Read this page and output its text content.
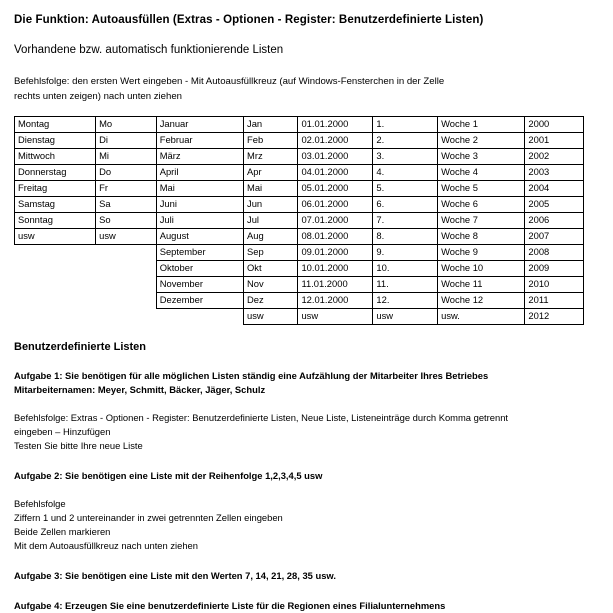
Die Funktion: Autoausfüllen (Extras - Optionen - Register: Benutzerdefinierte Listen)
Vorhandene bzw. automatisch funktionierende Listen
Befehlsfolge: den ersten Wert eingeben - Mit Autoausfüllkreuz (auf Windows-Fensterchen in der Zelle
rechts unten zeigen) nach unten ziehen
Montag	Mo	Januar	Jan	01.01.2000	1.	Woche 1	2000
Dienstag	Di	Februar	Feb	02.01.2000	2.	Woche 2	2001
Mittwoch	Mi	März	Mrz	03.01.2000	3.	Woche 3	2002
Donnerstag	Do	April	Apr	04.01.2000	4.	Woche 4	2003
Freitag	Fr	Mai	Mai	05.01.2000	5.	Woche 5	2004
Samstag	Sa	Juni	Jun	06.01.2000	6.	Woche 6	2005
Sonntag	So	Juli	Jul	07.01.2000	7.	Woche 7	2006
usw	usw	August	Aug	08.01.2000	8.	Woche 8	2007
		September	Sep	09.01.2000	9.	Woche 9	2008
		Oktober	Okt	10.01.2000	10.	Woche 10	2009
		November	Nov	11.01.2000	11.	Woche 11	2010
		Dezember	Dez	12.01.2000	12.	Woche 12	2011
			usw	usw	usw	usw.	2012
Benutzerdefinierte Listen
Aufgabe 1: Sie benötigen für alle möglichen Listen ständig eine Aufzählung der Mitarbeiter Ihres Betriebes
Mitarbeiternamen: Meyer, Schmitt, Bäcker, Jäger, Schulz
Befehlsfolge: Extras - Optionen - Register: Benutzerdefinierte Listen, Neue Liste, Listeneinträge durch Komma getrennt
eingeben – Hinzufügen
Testen Sie bitte Ihre neue Liste
Aufgabe 2: Sie benötigen eine Liste mit der Reihenfolge 1,2,3,4,5 usw
Befehlsfolge
Ziffern 1 und 2 untereinander in zwei getrennten Zellen eingeben
Beide Zellen markieren
Mit dem Autoausfüllkreuz nach unten ziehen
Aufgabe 3: Sie benötigen eine Liste mit den Werten 7, 14, 21, 28, 35 usw.
Aufgabe 4: Erzeugen Sie eine benutzerdefinierte Liste für die Regionen eines Filialunternehmens
